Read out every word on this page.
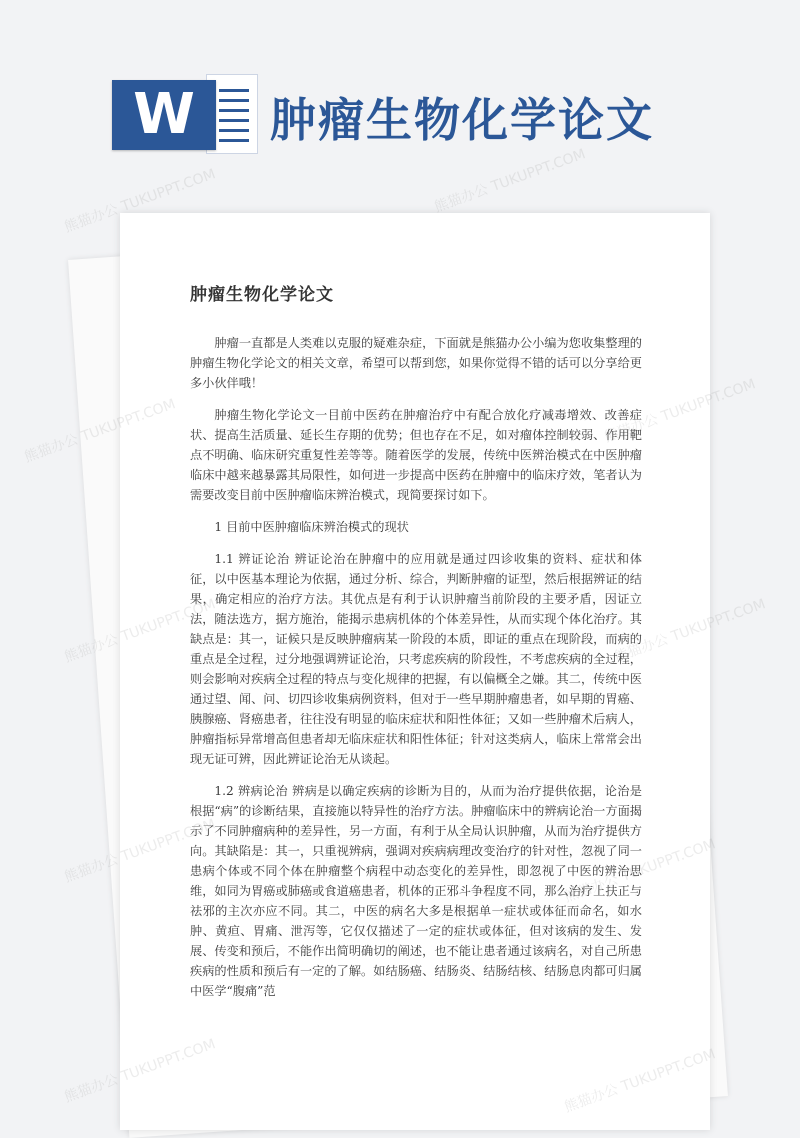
W	肿瘤生物化学论文
肿瘤生物化学论文

肿瘤一直都是人类难以克服的疑难杂症，下面就是熊猫办公小编为您收集整理的肿瘤生物化学论文的相关文章，希望可以帮到您，如果你觉得不错的话可以分享给更多小伙伴哦！

肿瘤生物化学论文一目前中医药在肿瘤治疗中有配合放化疗减毒增效、改善症状、提高生活质量、延长生存期的优势；但也存在不足，如对瘤体控制较弱、作用靶点不明确、临床研究重复性差等等。随着医学的发展，传统中医辨治模式在中医肿瘤临床中越来越暴露其局限性，如何进一步提高中医药在肿瘤中的临床疗效，笔者认为需要改变目前中医肿瘤临床辨治模式，现简要探讨如下。

1 目前中医肿瘤临床辨治模式的现状

1.1 辨证论治 辨证论治在肿瘤中的应用就是通过四诊收集的资料、症状和体征，以中医基本理论为依据，通过分析、综合，判断肿瘤的证型，然后根据辨证的结果，确定相应的治疗方法。其优点是有利于认识肿瘤当前阶段的主要矛盾，因证立法，随法选方，据方施治，能揭示患病机体的个体差异性，从而实现个体化治疗。其缺点是：其一，证候只是反映肿瘤病某一阶段的本质，即证的重点在现阶段，而病的重点是全过程，过分地强调辨证论治，只考虑疾病的阶段性，不考虑疾病的全过程，则会影响对疾病全过程的特点与变化规律的把握，有以偏概全之嫌。其二，传统中医通过望、闻、问、切四诊收集病例资料，但对于一些早期肿瘤患者，如早期的胃癌、胰腺癌、肾癌患者，往往没有明显的临床症状和阳性体征；又如一些肿瘤术后病人，肿瘤指标异常增高但患者却无临床症状和阳性体征；针对这类病人，临床上常常会出现无证可辨，因此辨证论治无从谈起。

1.2 辨病论治 辨病是以确定疾病的诊断为目的，从而为治疗提供依据，论治是根据“病”的诊断结果，直接施以特异性的治疗方法。肿瘤临床中的辨病论治一方面揭示了不同肿瘤病种的差异性，另一方面，有利于从全局认识肿瘤，从而为治疗提供方向。其缺陷是：其一，只重视辨病，强调对疾病病理改变治疗的针对性，忽视了同一患病个体或不同个体在肿瘤整个病程中动态变化的差异性，即忽视了中医的辨治思维，如同为胃癌或肺癌或食道癌患者，机体的正邪斗争程度不同，那么治疗上扶正与祛邪的主次亦应不同。其二，中医的病名大多是根据单一症状或体征而命名，如水肿、黄疸、胃痛、泄泻等，它仅仅描述了一定的症状或体征，但对该病的发生、发展、传变和预后，不能作出简明确切的阐述，也不能让患者通过该病名，对自己所患疾病的性质和预后有一定的了解。如结肠癌、结肠炎、结肠结核、结肠息肉都可归属中医学“腹痛”范

熊猫办公 TUKUPPT.COM	熊猫办公 TUKUPPT.COM
熊猫办公
熊猫办公
TUKUPPT.COM
熊猫办公
熊猫办公
